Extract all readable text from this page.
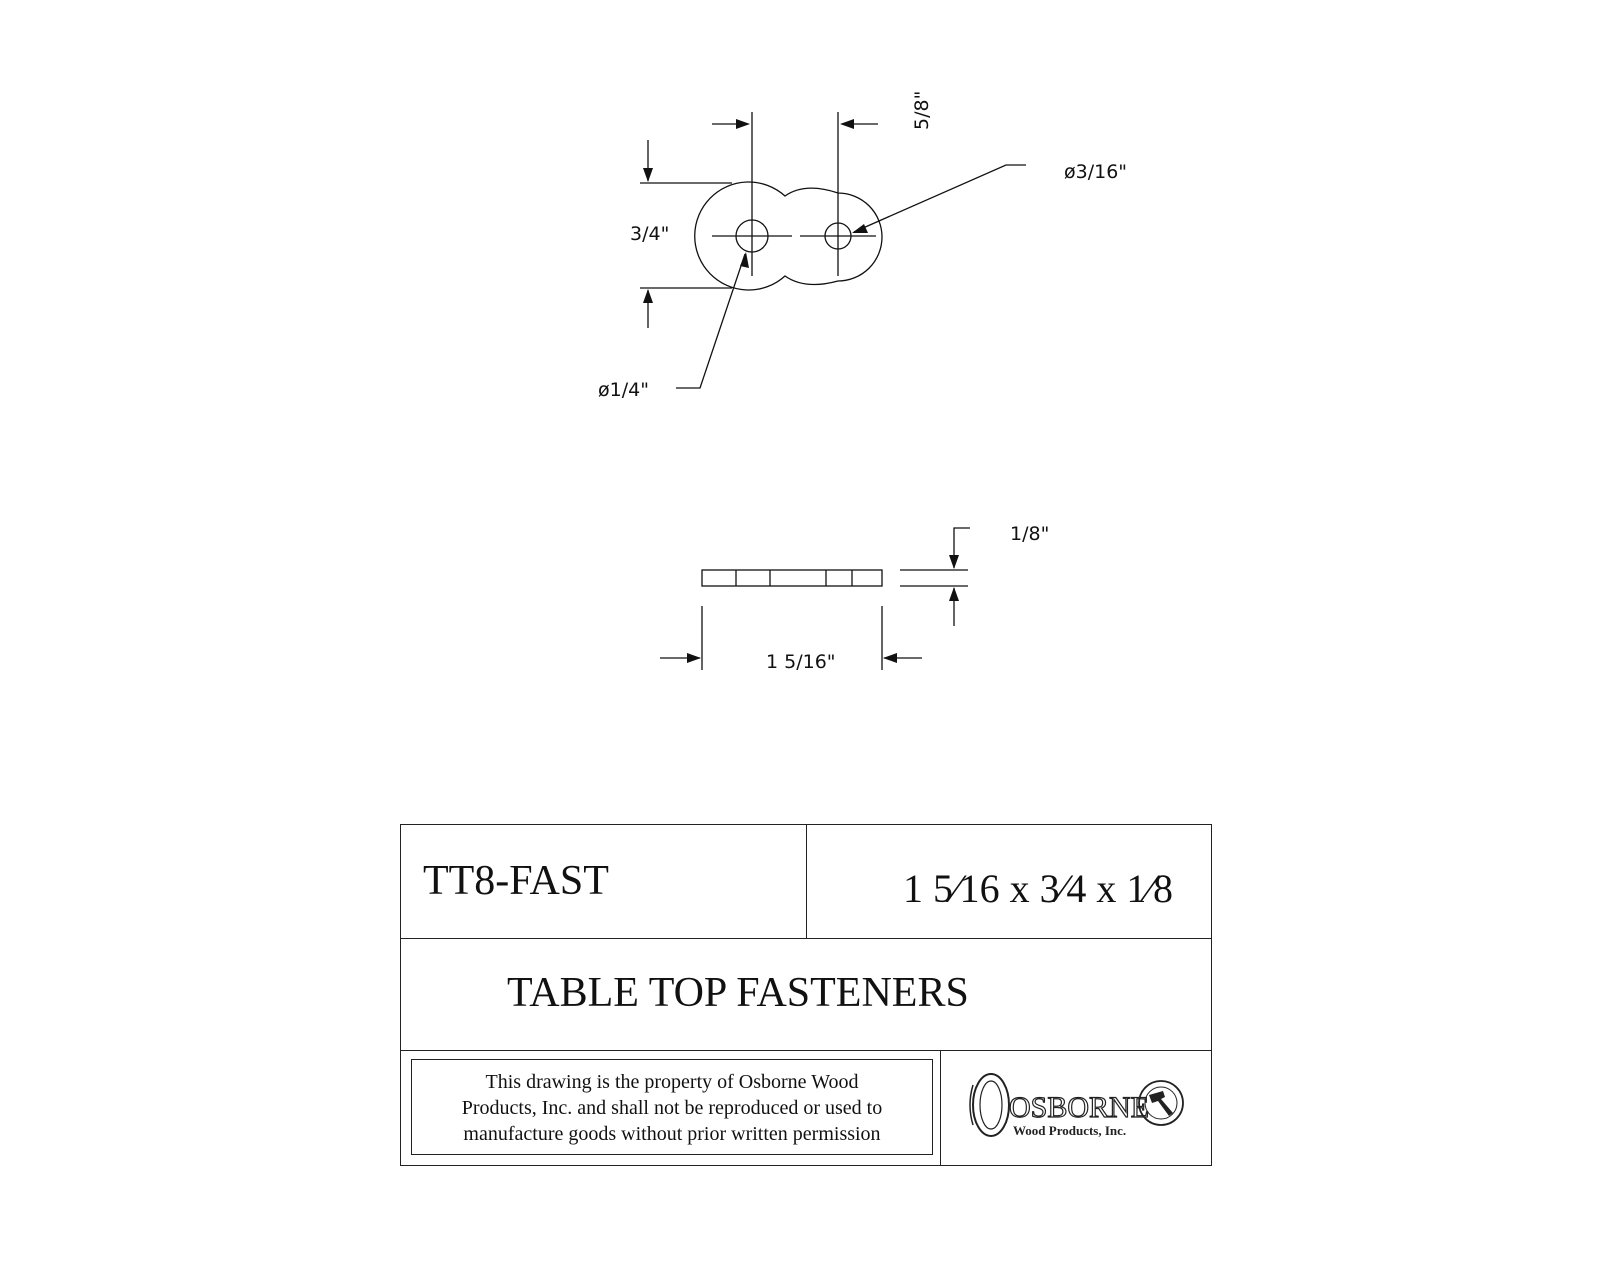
5/8"
3/4"
ø3/16"
ø1/4"
1/8"
1 5/16"
TT8-FAST	1 5⁄16 x 3⁄4 x 1⁄8
TABLE TOP FASTENERS
This drawing is the property of Osborne Wood
Products, Inc. and shall not be reproduced or used to
manufacture goods without prior written permission
OSBORNE
Wood Products, Inc.
